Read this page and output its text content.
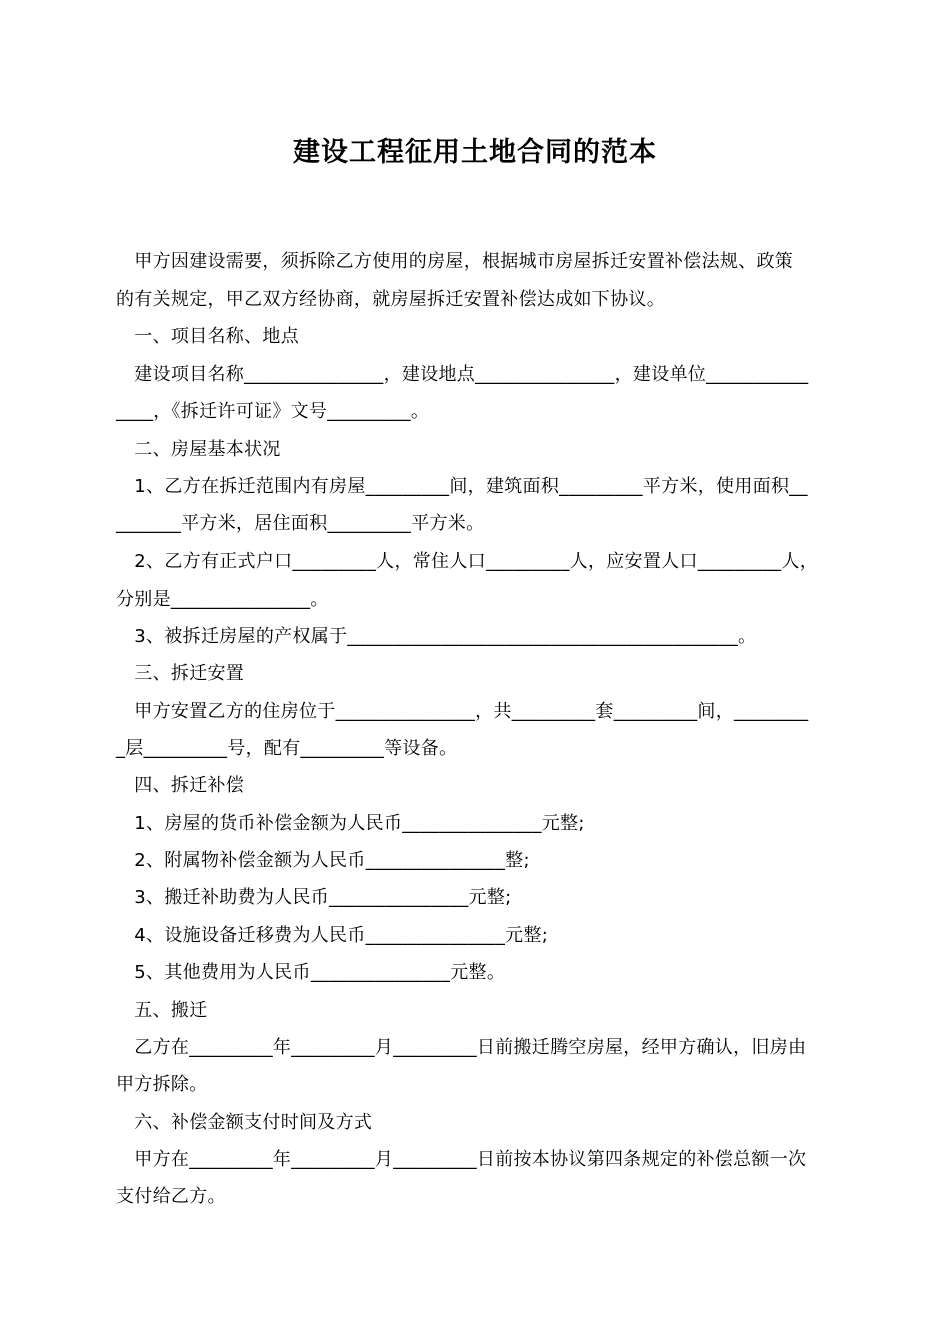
建设工程征用土地合同的范本
　甲方因建设需要，须拆除乙方使用的房屋，根据城市房屋拆迁安置补偿法规、政策
的有关规定，甲乙双方经协商，就房屋拆迁安置补偿达成如下协议。
　一、项目名称、地点
　建设项目名称_______________，建设地点_______________，建设单位___________
____，《拆迁许可证》文号_________。
　二、房屋基本状况
　1、乙方在拆迁范围内有房屋_________间，建筑面积_________平方米，使用面积__
_______平方米，居住面积_________平方米。
　2、乙方有正式户口_________人，常住人口_________人，应安置人口_________人，
分别是_______________。
　3、被拆迁房屋的产权属于__________________________________________。
　三、拆迁安置
　甲方安置乙方的住房位于_______________，共_________套_________间，________
_层_________号，配有_________等设备。
　四、拆迁补偿
　1、房屋的货币补偿金额为人民币_______________元整;
　2、附属物补偿金额为人民币_______________整;
　3、搬迁补助费为人民币_______________元整;
　4、设施设备迁移费为人民币_______________元整;
　5、其他费用为人民币_______________元整。
　五、搬迁
　乙方在_________年_________月_________日前搬迁腾空房屋，经甲方确认，旧房由
甲方拆除。
　六、补偿金额支付时间及方式
　甲方在_________年_________月_________日前按本协议第四条规定的补偿总额一次
支付给乙方。
